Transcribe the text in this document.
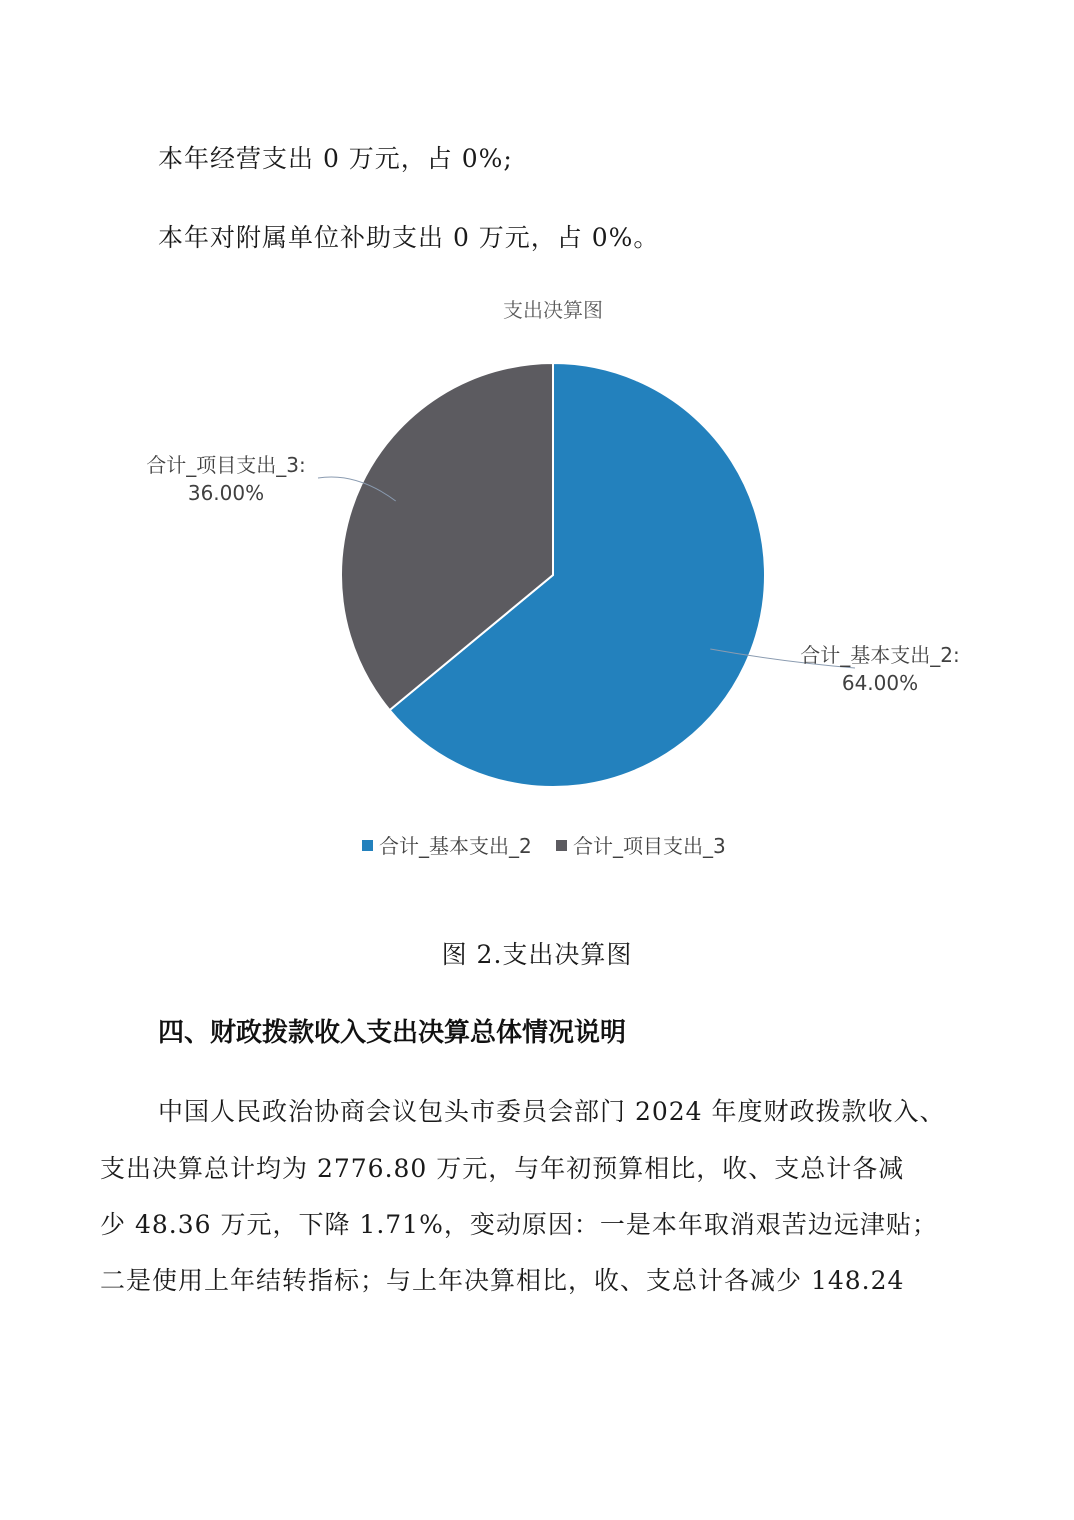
本年经营支出 0 万元，占 0%;
本年对附属单位补助支出 0 万元，占 0%。
支出决算图
合计_基本支出_2:
64.00%
合计_项目支出_3:
36.00%
合计_基本支出_2 合计_项目支出_3
图 2.支出决算图
四、财政拨款收入支出决算总体情况说明
中国人民政治协商会议包头市委员会部门 2024 年度财政拨款收入、
支出决算总计均为 2776.80 万元，与年初预算相比，收、支总计各减
少 48.36 万元，下降 1.71%，变动原因：一是本年取消艰苦边远津贴；
二是使用上年结转指标；与上年决算相比，收、支总计各减少 148.24
